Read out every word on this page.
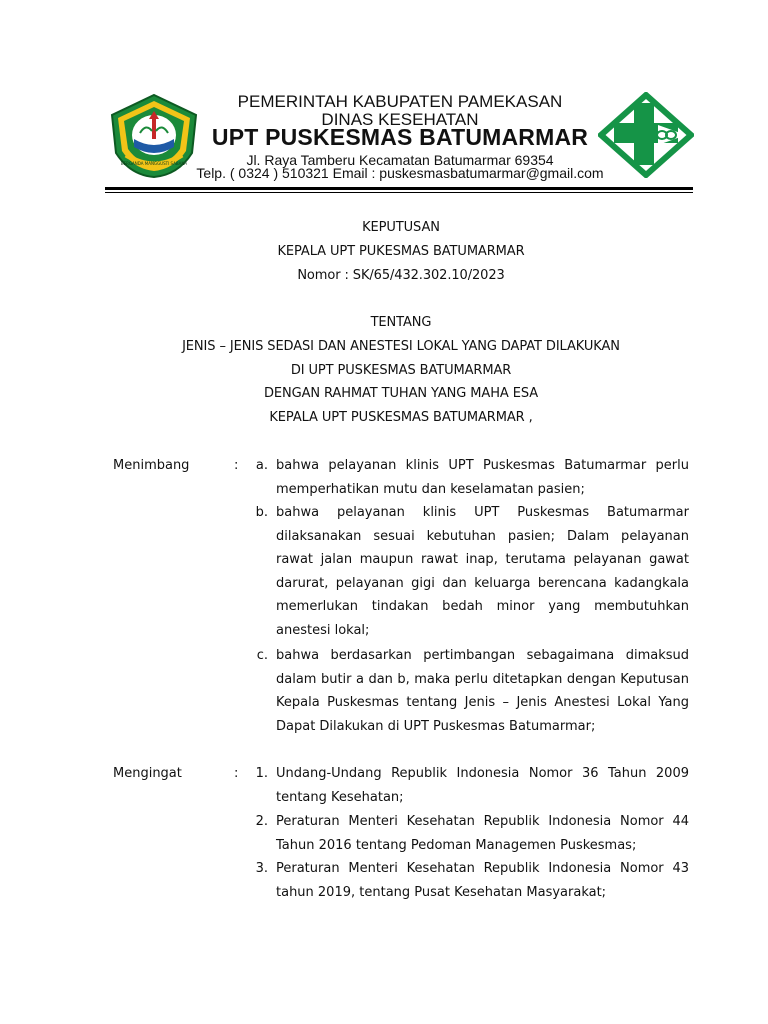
BERGANDA MANGGUSTI SABANA
PEMERINTAH KABUPATEN PAMEKASAN
DINAS KESEHATAN
UPT PUSKESMAS BATUMARMAR
Jl. Raya Tamberu Kecamatan Batumarmar 69354
Telp. ( 0324 ) 510321 Email : puskesmasbatumarmar@gmail.com
KEPUTUSAN
KEPALA UPT PUKESMAS BATUMARMAR
Nomor : SK/65/432.302.10/2023
TENTANG
JENIS – JENIS SEDASI DAN ANESTESI LOKAL YANG DAPAT DILAKUKAN
DI UPT PUSKESMAS BATUMARMAR
DENGAN RAHMAT TUHAN YANG MAHA ESA
KEPALA UPT PUSKESMAS BATUMARMAR ,
Menimbang	:	a. bahwa pelayanan klinis UPT Puskesmas Batumarmar perlu memperhatikan mutu dan keselamatan pasien;

b. bahwa pelayanan klinis UPT Puskesmas Batumarmar dilaksanakan sesuai kebutuhan pasien; Dalam pelayanan rawat jalan maupun rawat inap, terutama pelayanan gawat darurat, pelayanan gigi dan keluarga berencana kadangkala memerlukan tindakan bedah minor yang membutuhkan anestesi lokal;

c. bahwa berdasarkan pertimbangan sebagaimana dimaksud dalam butir a dan b, maka perlu ditetapkan dengan Keputusan Kepala Puskesmas tentang Jenis – Jenis Anestesi Lokal Yang Dapat Dilakukan di UPT Puskesmas Batumarmar;

Mengingat	:	1. Undang-Undang Republik Indonesia Nomor 36 Tahun 2009 tentang Kesehatan;

2. Peraturan Menteri Kesehatan Republik Indonesia Nomor 44 Tahun 2016 tentang Pedoman Managemen Puskesmas;

3. Peraturan Menteri Kesehatan Republik Indonesia Nomor 43 tahun 2019, tentang Pusat Kesehatan Masyarakat;
